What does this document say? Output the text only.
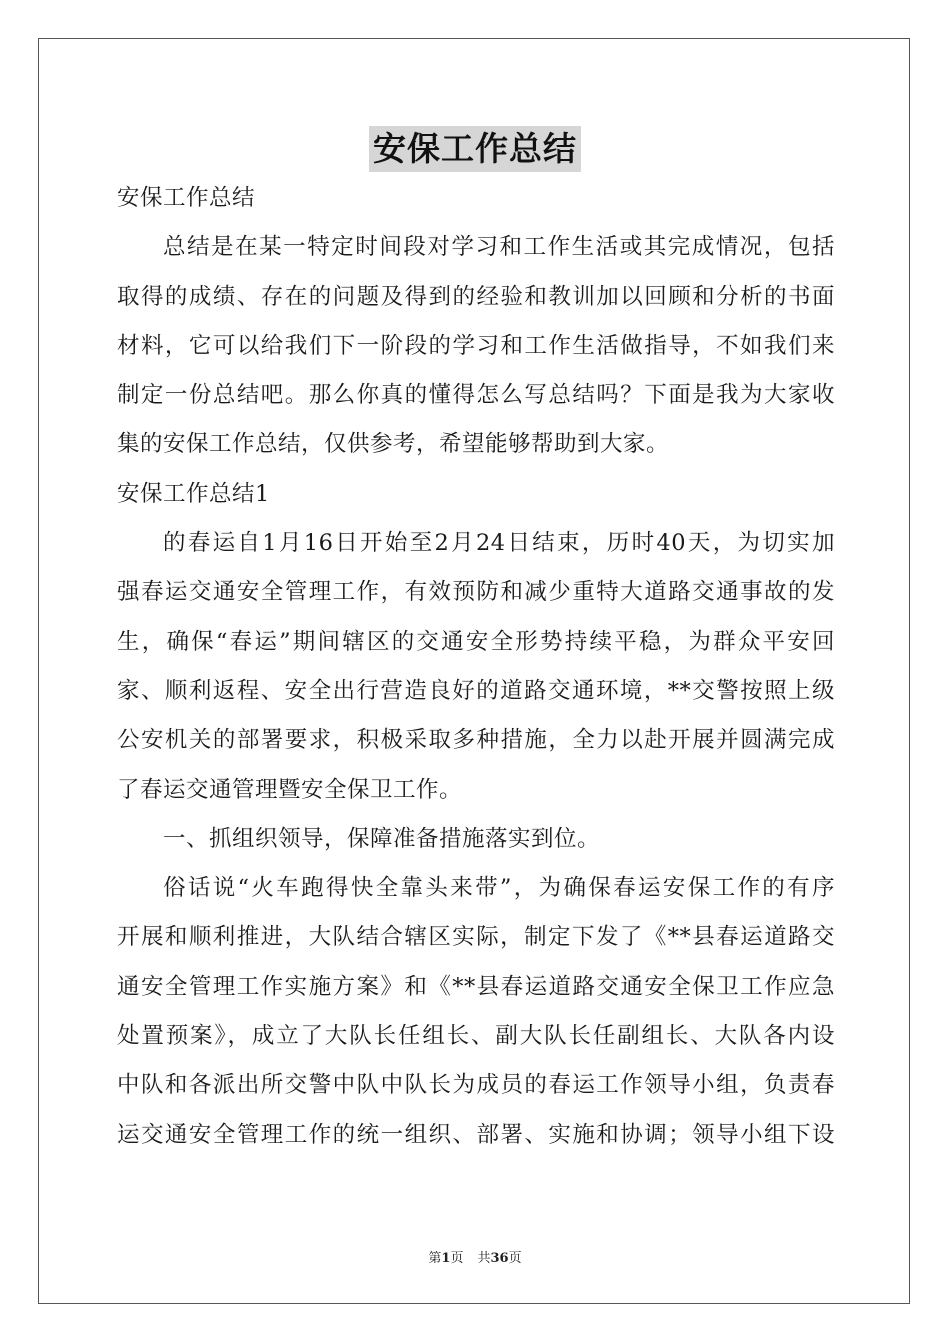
安保工作总结
安保工作总结
总结是在某一特定时间段对学习和工作生活或其完成情况，包括
取得的成绩、存在的问题及得到的经验和教训加以回顾和分析的书面
材料，它可以给我们下一阶段的学习和工作生活做指导，不如我们来
制定一份总结吧。那么你真的懂得怎么写总结吗？下面是我为大家收
集的安保工作总结，仅供参考，希望能够帮助到大家。
安保工作总结1
的春运自1月16日开始至2月24日结束，历时40天，为切实加
强春运交通安全管理工作，有效预防和减少重特大道路交通事故的发
生，确保“春运”期间辖区的交通安全形势持续平稳，为群众平安回
家、顺利返程、安全出行营造良好的道路交通环境，**交警按照上级
公安机关的部署要求，积极采取多种措施，全力以赴开展并圆满完成
了春运交通管理暨安全保卫工作。
一、抓组织领导，保障准备措施落实到位。
俗话说“火车跑得快全靠头来带”，为确保春运安保工作的有序
开展和顺利推进，大队结合辖区实际，制定下发了《**县春运道路交
通安全管理工作实施方案》和《**县春运道路交通安全保卫工作应急
处置预案》，成立了大队长任组长、副大队长任副组长、大队各内设
中队和各派出所交警中队中队长为成员的春运工作领导小组，负责春
运交通安全管理工作的统一组织、部署、实施和协调；领导小组下设
第1页 共36页
